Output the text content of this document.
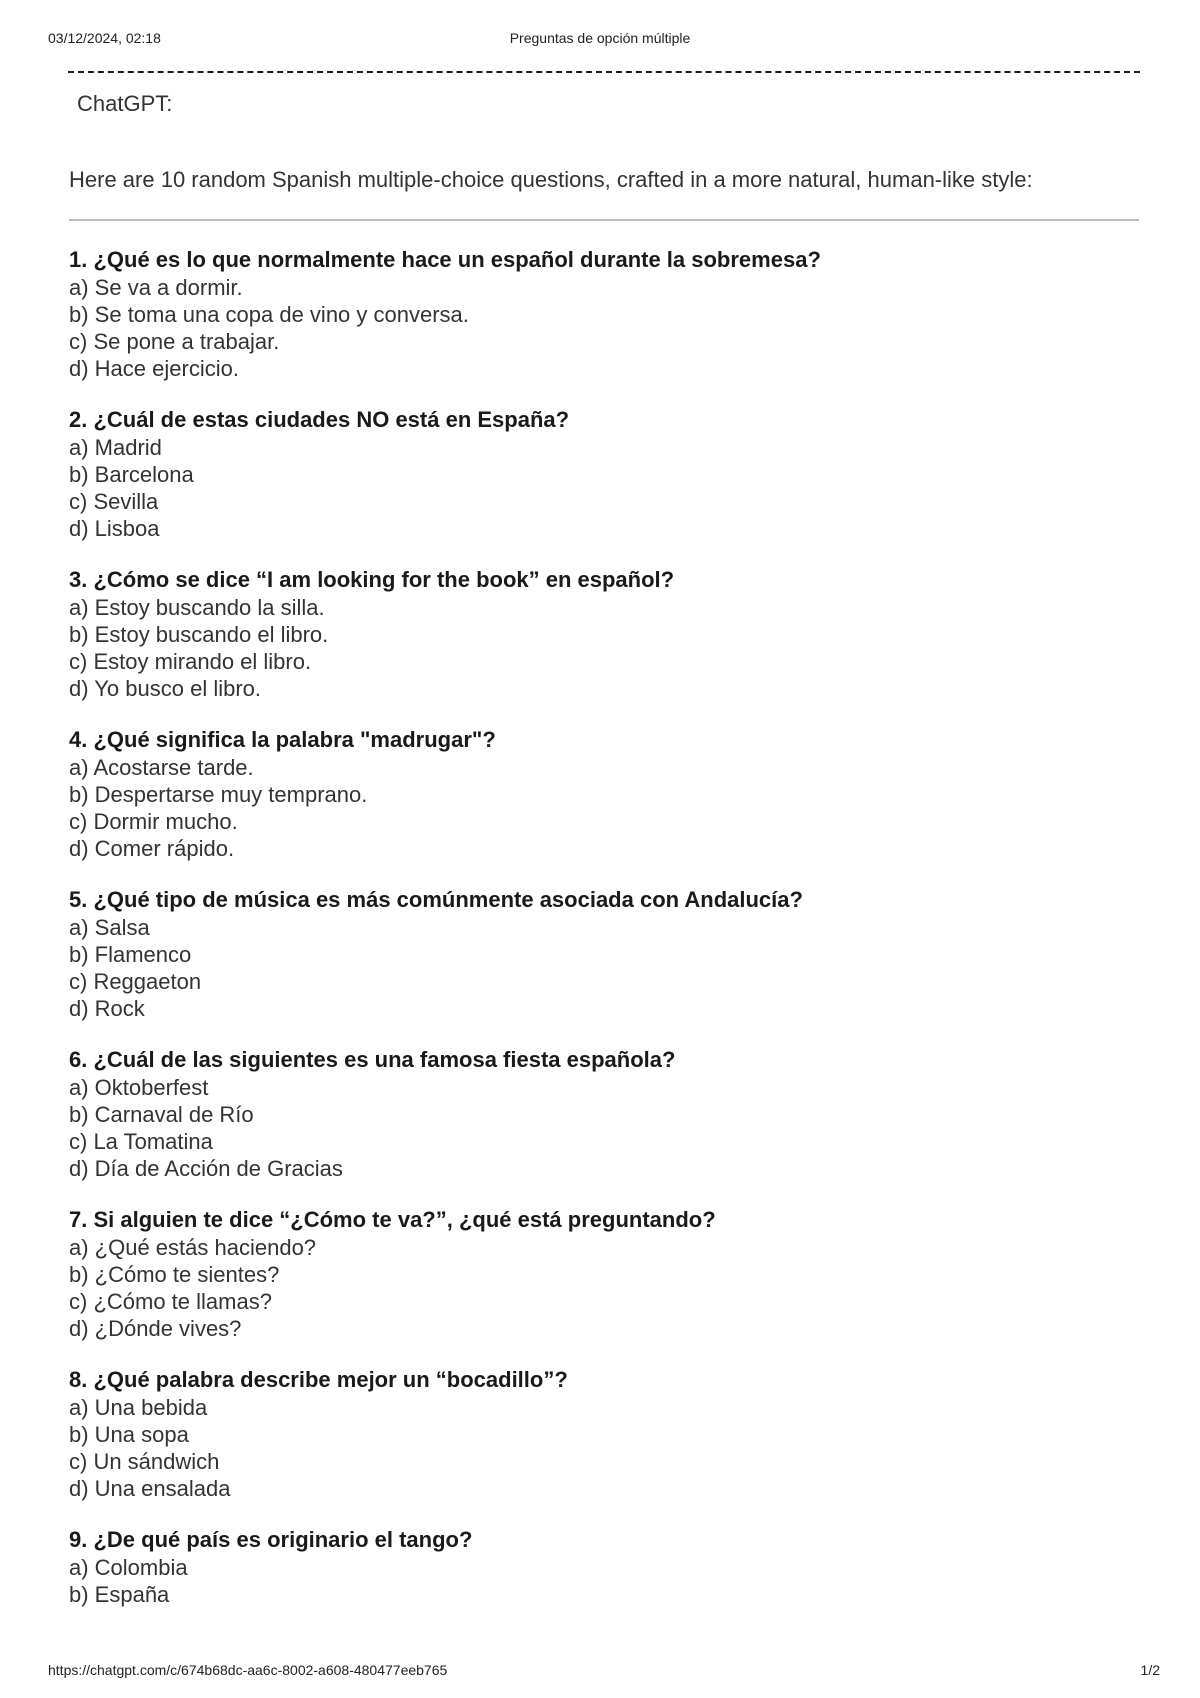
03/12/2024, 02:18	Preguntas de opción múltiple
ChatGPT:
Here are 10 random Spanish multiple-choice questions, crafted in a more natural, human-like style:
1. ¿Qué es lo que normalmente hace un español durante la sobremesa?
a) Se va a dormir.
b) Se toma una copa de vino y conversa.
c) Se pone a trabajar.
d) Hace ejercicio.
2. ¿Cuál de estas ciudades NO está en España?
a) Madrid
b) Barcelona
c) Sevilla
d) Lisboa
3. ¿Cómo se dice “I am looking for the book” en español?
a) Estoy buscando la silla.
b) Estoy buscando el libro.
c) Estoy mirando el libro.
d) Yo busco el libro.
4. ¿Qué significa la palabra "madrugar"?
a) Acostarse tarde.
b) Despertarse muy temprano.
c) Dormir mucho.
d) Comer rápido.
5. ¿Qué tipo de música es más comúnmente asociada con Andalucía?
a) Salsa
b) Flamenco
c) Reggaeton
d) Rock
6. ¿Cuál de las siguientes es una famosa fiesta española?
a) Oktoberfest
b) Carnaval de Río
c) La Tomatina
d) Día de Acción de Gracias
7. Si alguien te dice “¿Cómo te va?”, ¿qué está preguntando?
a) ¿Qué estás haciendo?
b) ¿Cómo te sientes?
c) ¿Cómo te llamas?
d) ¿Dónde vives?
8. ¿Qué palabra describe mejor un “bocadillo”?
a) Una bebida
b) Una sopa
c) Un sándwich
d) Una ensalada
9. ¿De qué país es originario el tango?
a) Colombia
b) España
https://chatgpt.com/c/674b68dc-aa6c-8002-a608-480477eeb765	1/2
